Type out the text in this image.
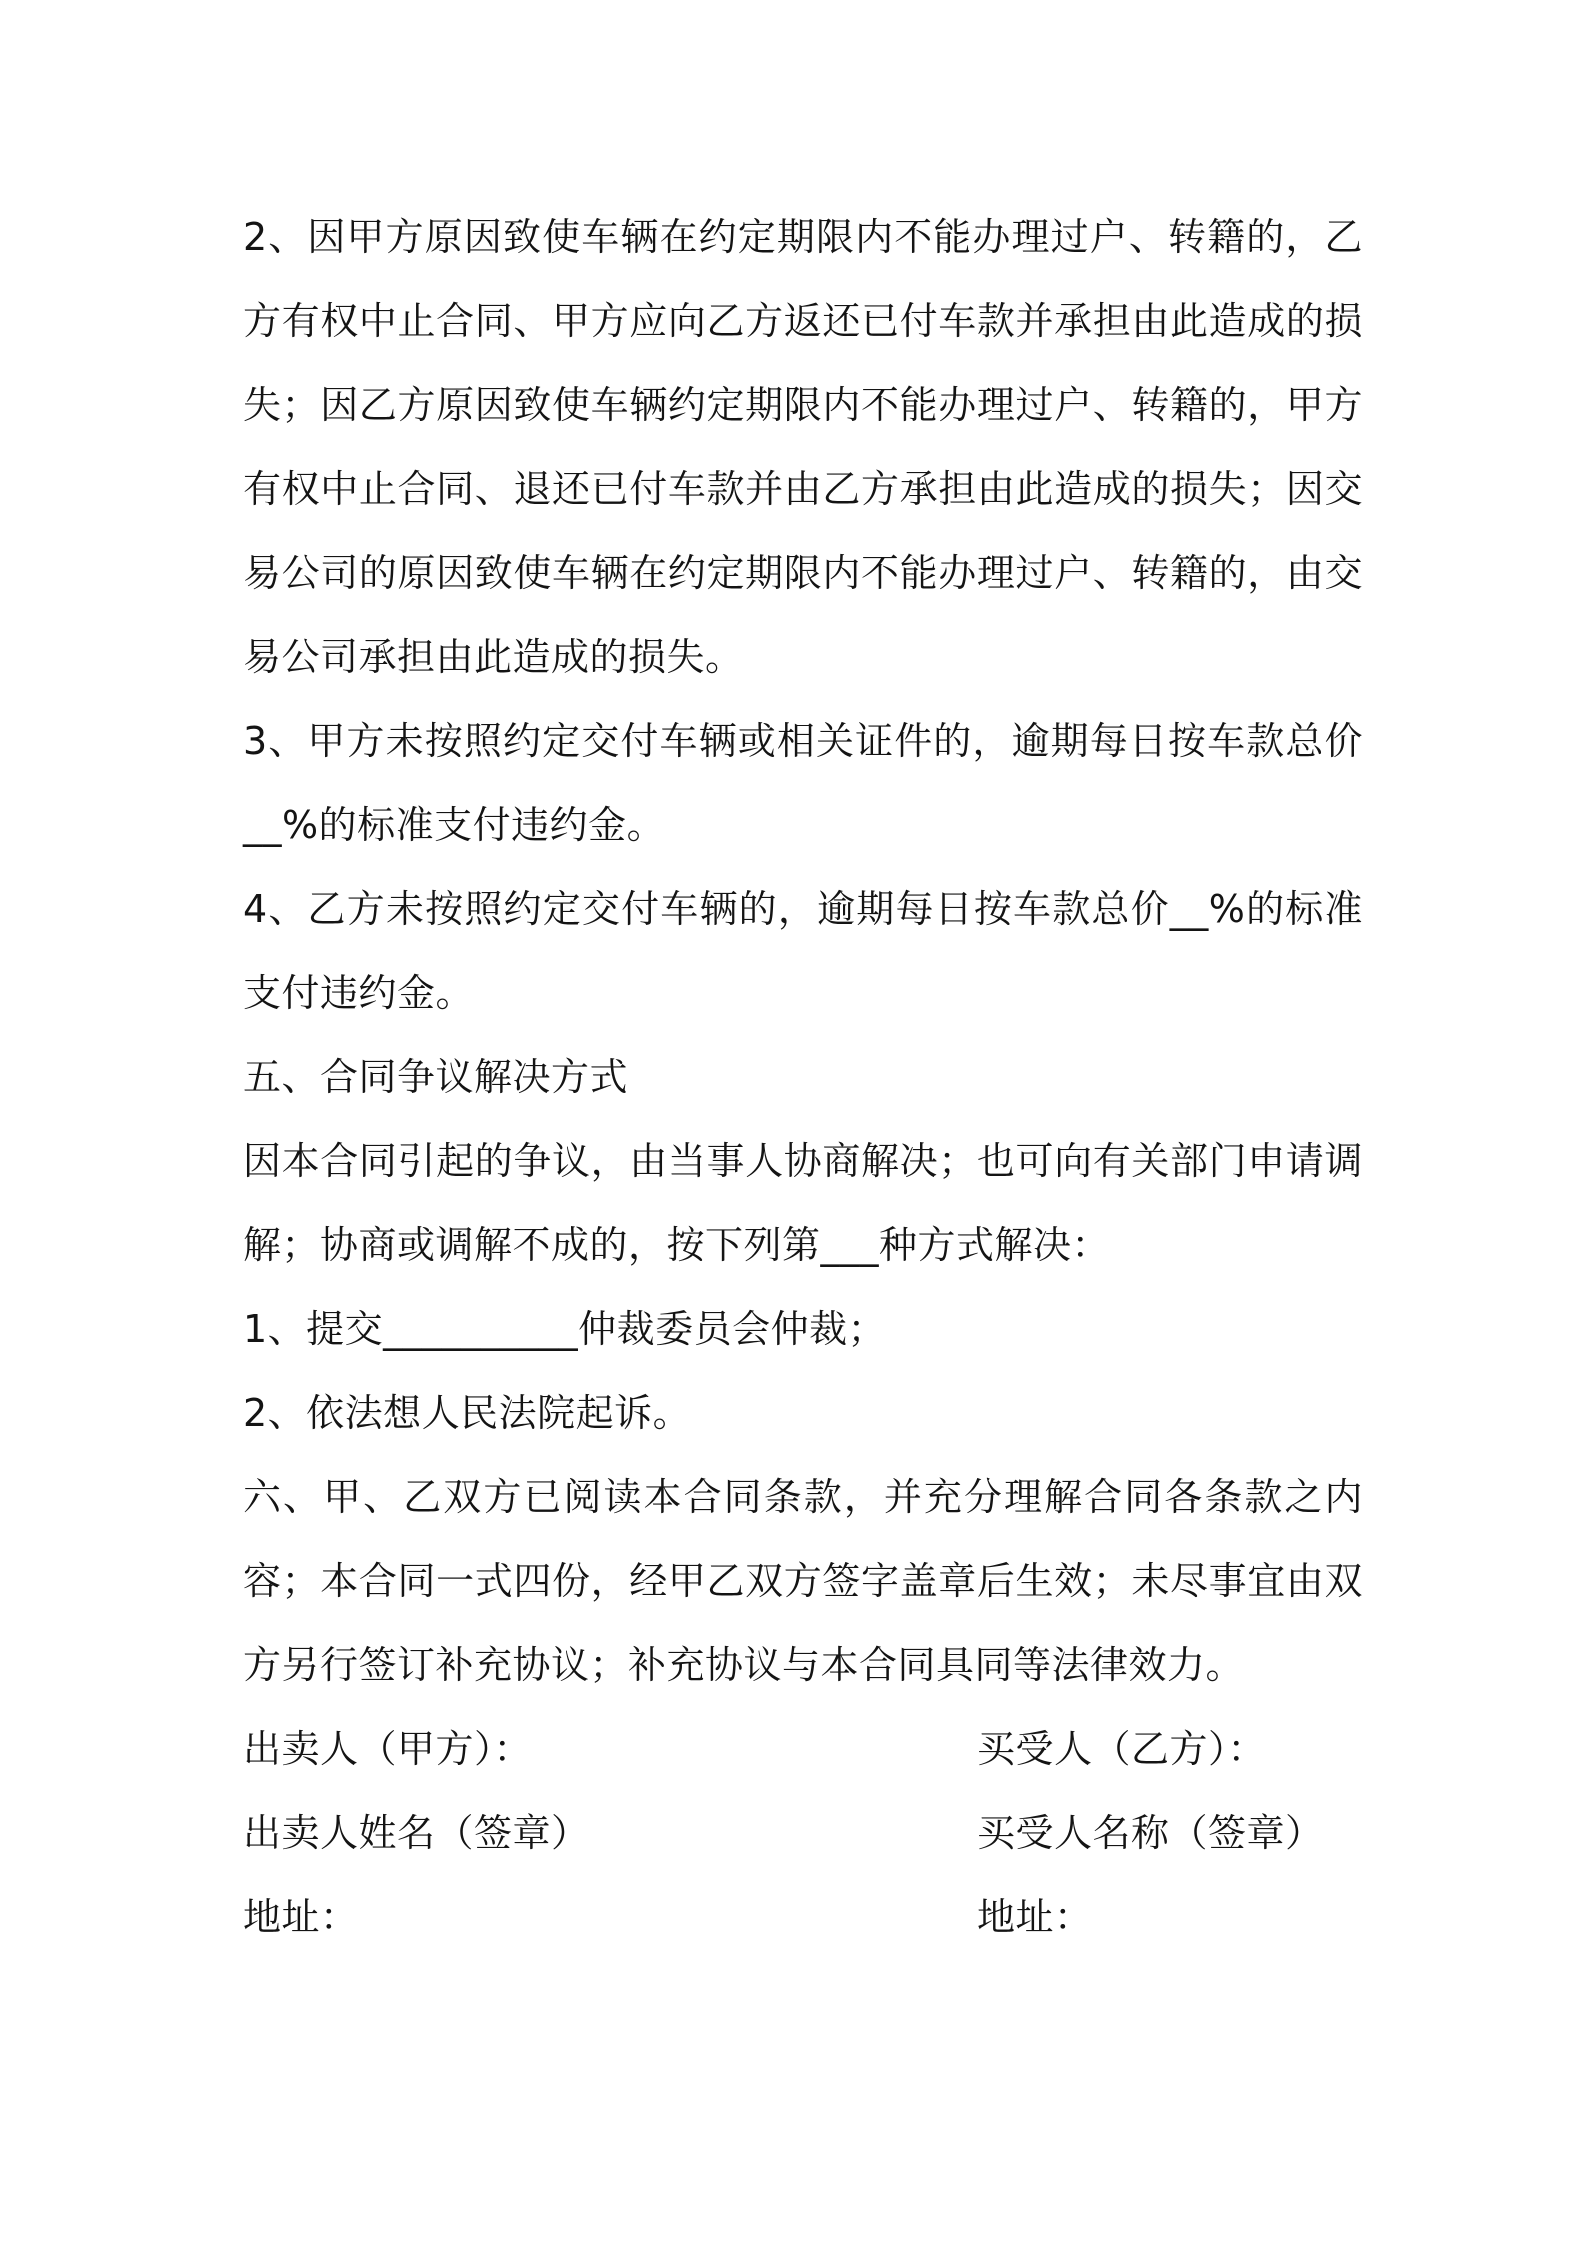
2、因甲方原因致使车辆在约定期限内不能办理过户、转籍的，乙方有权中止合同、甲方应向乙方返还已付车款并承担由此造成的损失；因乙方原因致使车辆约定期限内不能办理过户、转籍的，甲方有权中止合同、退还已付车款并由乙方承担由此造成的损失；因交易公司的原因致使车辆在约定期限内不能办理过户、转籍的，由交易公司承担由此造成的损失。

3、甲方未按照约定交付车辆或相关证件的，逾期每日按车款总价__%的标准支付违约金。

4、乙方未按照约定交付车辆的，逾期每日按车款总价__%的标准支付违约金。

五、合同争议解决方式

因本合同引起的争议，由当事人协商解决；也可向有关部门申请调解；协商或调解不成的，按下列第___种方式解决：

1、提交__________仲裁委员会仲裁；

2、依法想人民法院起诉。

六、甲、乙双方已阅读本合同条款，并充分理解合同各条款之内容；本合同一式四份，经甲乙双方签字盖章后生效；未尽事宜由双方另行签订补充协议；补充协议与本合同具同等法律效力。

出卖人（甲方）：	买受人（乙方）：
出卖人姓名（签章）	买受人名称（签章）
地址：	地址：
